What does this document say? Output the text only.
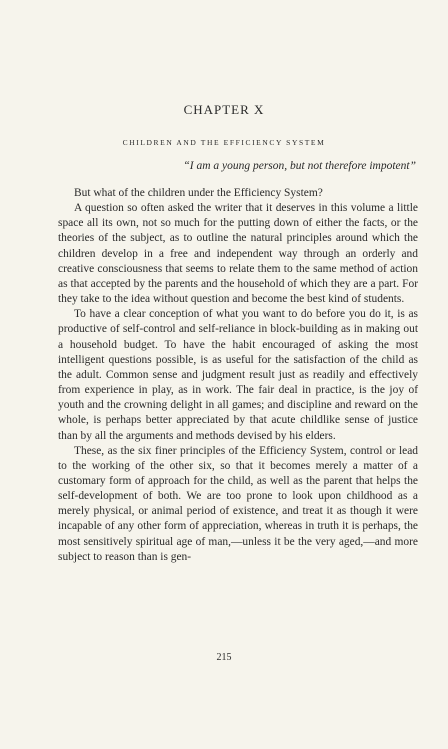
CHAPTER X
CHILDREN AND THE EFFICIENCY SYSTEM
“I am a young person, but not therefore impotent”

But what of the children under the Efficiency System?

A question so often asked the writer that it deserves in this volume a little space all its own, not so much for the putting down of either the facts, or the theories of the subject, as to outline the natural principles around which the children develop in a free and independent way through an orderly and creative consciousness that seems to relate them to the same method of action as that accepted by the parents and the household of which they are a part. For they take to the idea without question and become the best kind of students.

To have a clear conception of what you want to do before you do it, is as productive of self-control and self-reliance in block-building as in making out a household budget. To have the habit encouraged of asking the most intelligent questions possible, is as useful for the satisfaction of the child as the adult. Common sense and judgment result just as readily and effectively from experience in play, as in work. The fair deal in practice, is the joy of youth and the crowning delight in all games; and discipline and reward on the whole, is perhaps better appreciated by that acute childlike sense of justice than by all the arguments and methods devised by his elders.

These, as the six finer principles of the Efficiency System, control or lead to the working of the other six, so that it becomes merely a matter of a customary form of approach for the child, as well as the parent that helps the self-development of both. We are too prone to look upon childhood as a merely physical, or animal period of existence, and treat it as though it were incapable of any other form of appreciation, whereas in truth it is perhaps, the most sensitively spiritual age of man,—unless it be the very aged,—and more subject to reason than is gen-

215
